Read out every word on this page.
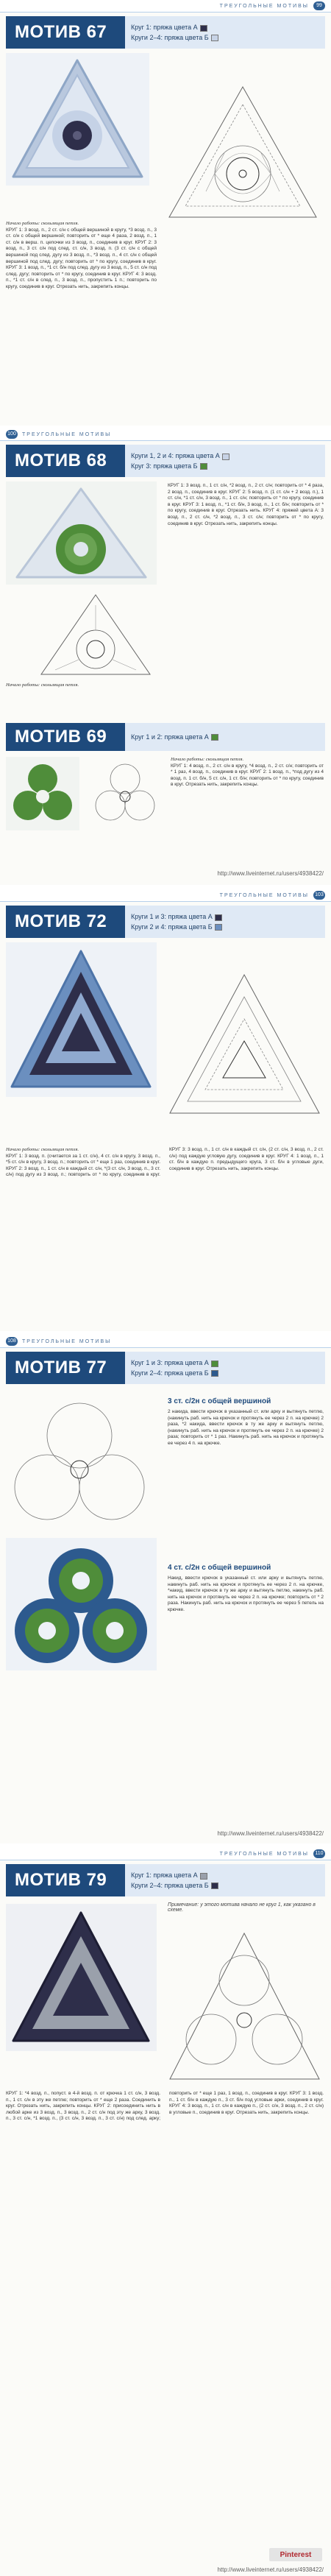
ТРЕУГОЛЬНЫЕ МОТИВЫ	99
МОТИВ 67	Круг 1: пряжа цвета A
Круги 2–4: пряжа цвета Б
Начало работы: скользящая петля.
КРУГ 1: 3 возд. п., 2 ст. с/н с общей вершиной в кругу, *3 возд. п., 3 ст. с/н с общей вершиной; повторить от * еще 4 раза, 2 возд. п., 1 ст. с/н в верш. п. цепочки из 3 возд. п., соединив в круг. КРУГ 2: 3 возд. п., 3 ст. с/н под след. ст. с/н, 3 возд. п. (3 ст. с/н с общей вершиной под след. дугу из 3 возд. п., *3 возд. п., 4 ст. с/н с общей вершиной под след. дугу; повторить от * по кругу, соединив в круг. КРУГ 3: 1 возд. п., *1 ст. б/н под след. дугу из 3 возд. п., 5 ст. с/н под след. дугу; повторить от * по кругу, соединив в круг. КРУГ 4: 3 возд. п., *1 ст. с/н в след. п., 3 возд. п., пропустить 1 п.; повторить по кругу, соединив в круг. Отрезать нить, закрепить концы.
100	ТРЕУГОЛЬНЫЕ МОТИВЫ
МОТИВ 68	Круги 1, 2 и 4: пряжа цвета A
Круг 3: пряжа цвета Б
КРУГ 1: 3 возд. п., 1 ст. с/н, *2 возд. п., 2 ст. с/н; повторить от * 4 раза, 2 возд. п., соединив в круг. КРУГ 2: 5 возд. п. (1 ст. с/н + 2 возд. п.), 1 ст. с/н, *1 ст. с/н, 3 возд. п., 1 ст. с/н; повторить от * по кругу, соединив в круг. КРУГ 3: 1 возд. п., *1 ст. б/н, 3 возд. п., 1 ст. б/н; повторить от * по кругу, соединив в круг. Отрезать нить. КРУГ 4: пряжей цвета A: 3 возд. п., 2 ст. с/н, *2 возд. п., 3 ст. с/н; повторить от * по кругу, соединив в круг. Отрезать нить, закрепить концы.
Начало работы: скользящая петля.
МОТИВ 69	Круг 1 и 2: пряжа цвета A
Начало работы: скользящая петля.
КРУГ 1: 4 возд. п., 2 ст. с/н в кругу, *4 возд. п., 2 ст. с/н; повторить от * 1 раз, 4 возд. п., соединив в круг. КРУГ 2: 1 возд. п., *под дугу из 4 возд. п. 1 ст. б/н, 5 ст. с/н, 1 ст. б/н; повторить от * по кругу, соединив в круг. Отрезать нить, закрепить концы.
http://www.liveinternet.ru/users/4938422/
ТРЕУГОЛЬНЫЕ МОТИВЫ	103
МОТИВ 72	Круги 1 и 3: пряжа цвета A
Круги 2 и 4: пряжа цвета Б
Начало работы: скользящая петля.
КРУГ 1: 3 возд. п. (считается за 1 ст. с/н), 4 ст. с/н в кругу, 3 возд. п., *5 ст. с/н в кругу, 3 возд. п.; повторить от * еще 1 раз, соединив в круг. КРУГ 2: 3 возд. п., 1 ст. с/н в каждый ст. с/н, *(3 ст. с/н, 3 возд. п., 3 ст. с/н) под дугу из 3 возд. п.; повторить от * по кругу, соединив в круг. КРУГ 3: 3 возд. п., 1 ст. с/н в каждый ст. с/н, (2 ст. с/н, 3 возд. п., 2 ст. с/н) под каждую угловую дугу, соединив в круг. КРУГ 4: 1 возд. п., 1 ст. б/н в каждую п. предыдущего круга, 3 ст. б/н в угловые дуги, соединив в круг. Отрезать нить, закрепить концы.
108	ТРЕУГОЛЬНЫЕ МОТИВЫ
МОТИВ 77	Круг 1 и 3: пряжа цвета A
Круги 2–4: пряжа цвета Б
3 ст. с/2н с общей вершиной
2 накида, ввести крючок в указанный ст. или арку и вытянуть петлю, (накинуть раб. нить на крючок и протянуть ее через 2 п. на крючке) 2 раза, *2 накида, ввести крючок в ту же арку и вытянуть петлю, (накинуть раб. нить на крючок и протянуть ее через 2 п. на крючке) 2 раза; повторить от * 1 раз. Накинуть раб. нить на крючок и протянуть ее через 4 п. на крючке.
4 ст. с/2н с общей вершиной
Накид, ввести крючок в указанный ст. или арку и вытянуть петлю, накинуть раб. нить на крючок и протянуть ее через 2 п. на крючке, *накид, ввести крючок в ту же арку и вытянуть петлю, накинуть раб. нить на крючок и протянуть ее через 2 п. на крючке; повторить от * 2 раза. Накинуть раб. нить на крючок и протянуть ее через 5 петель на крючке.
http://www.liveinternet.ru/users/4938422/
ТРЕУГОЛЬНЫЕ МОТИВЫ	110
МОТИВ 79	Круг 1: пряжа цвета A
Круги 2–4: пряжа цвета Б
Примечание: у этого мотива начало не круг 1, как указано в схеме.
КРУГ 1: *4 возд. п., попуст. в 4-й возд. п. от крючка 1 ст. с/н, 3 возд. п., 1 ст. с/н в эту же петлю; повторить от * еще 2 раза. Соединить в круг. Отрезать нить, закрепить концы. КРУГ 2: присоединить нить в любой арке из 3 возд. п., 3 возд. п., 2 ст. с/н под эту же арку, 3 возд. п., 3 ст. с/н, *1 возд. п., (3 ст. с/н, 3 возд. п., 3 ст. с/н) под след. арку; повторить от * еще 1 раз, 1 возд. п., соединив в круг. КРУГ 3: 1 возд. п., 1 ст. б/н в каждую п., 3 ст. б/н под угловые арки, соединив в круг. КРУГ 4: 3 возд. п., 1 ст. с/н в каждую п., (2 ст. с/н, 3 возд. п., 2 ст. с/н) в угловые п., соединив в круг. Отрезать нить, закрепить концы.
Pinterest
http://www.liveinternet.ru/users/4938422/
